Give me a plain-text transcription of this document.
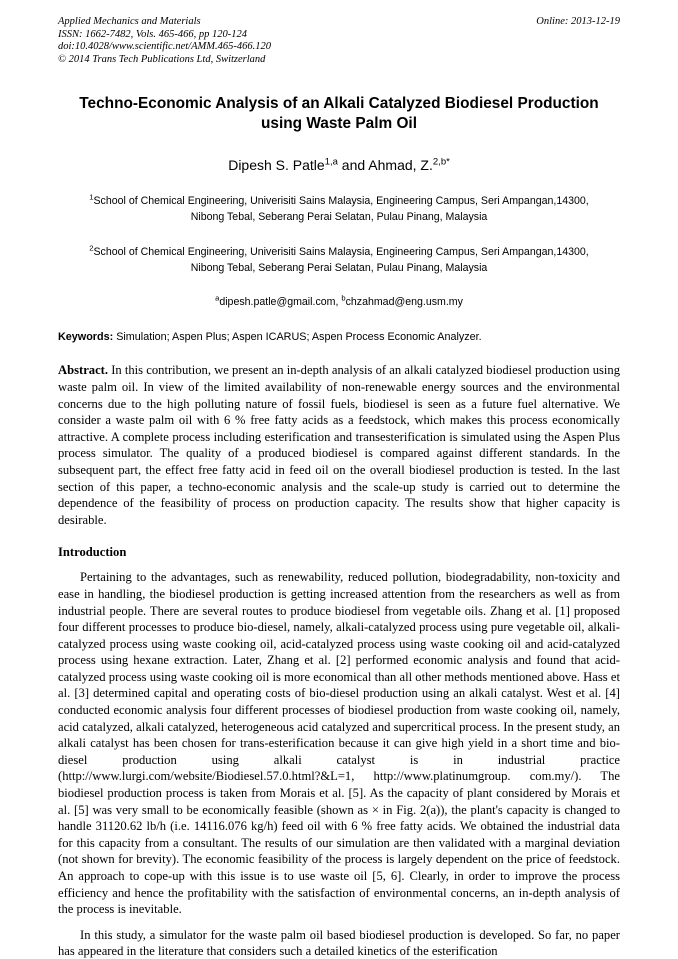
Applied Mechanics and Materials
ISSN: 1662-7482, Vols. 465-466, pp 120-124
doi:10.4028/www.scientific.net/AMM.465-466.120
© 2014 Trans Tech Publications Ltd, Switzerland
Online: 2013-12-19
Techno-Economic Analysis of an Alkali Catalyzed Biodiesel Production using Waste Palm Oil
Dipesh S. Patle$^{1,a}$ and Ahmad, Z.$^{2,b*}$
$^1$School of Chemical Engineering, Univerisiti Sains Malaysia, Engineering Campus, Seri Ampangan,14300, Nibong Tebal, Seberang Perai Selatan, Pulau Pinang, Malaysia
$^2$School of Chemical Engineering, Univerisiti Sains Malaysia, Engineering Campus, Seri Ampangan,14300, Nibong Tebal, Seberang Perai Selatan, Pulau Pinang, Malaysia
$^a$dipesh.patle@gmail.com, $^b$chzahmad@eng.usm.my
Keywords: Simulation; Aspen Plus; Aspen ICARUS; Aspen Process Economic Analyzer.
Abstract. In this contribution, we present an in-depth analysis of an alkali catalyzed biodiesel production using waste palm oil. In view of the limited availability of non-renewable energy sources and the environmental concerns due to the high polluting nature of fossil fuels, biodiesel is seen as a future fuel alternative. We consider a waste palm oil with 6 % free fatty acids as a feedstock, which makes this process economically attractive. A complete process including esterification and transesterification is simulated using the Aspen Plus process simulator. The quality of a produced biodiesel is compared against different standards. In the subsequent part, the effect free fatty acid in feed oil on the overall biodiesel production is tested. In the last section of this paper, a techno-economic analysis and the scale-up study is carried out to determine the dependence of the feasibility of process on production capacity. The results show that higher capacity is desirable.
Introduction
Pertaining to the advantages, such as renewability, reduced pollution, biodegradability, non-toxicity and ease in handling, the biodiesel production is getting increased attention from the researchers as well as from industrial people. There are several routes to produce biodiesel from vegetable oils. Zhang et al. [1] proposed four different processes to produce bio-diesel, namely, alkali-catalyzed process using pure vegetable oil, alkali-catalyzed process using waste cooking oil, acid-catalyzed process using waste cooking oil and acid-catalyzed process using hexane extraction. Later, Zhang et al. [2] performed economic analysis and found that acid-catalyzed process using waste cooking oil is more economical than all other methods mentioned above. Hass et al. [3] determined capital and operating costs of bio-diesel production using an alkali catalyst. West et al. [4] conducted economic analysis four different processes of biodiesel production from waste cooking oil, namely, acid catalyzed, alkali catalyzed, heterogeneous acid catalyzed and supercritical process. In the present study, an alkali catalyst has been chosen for trans-esterification because it can give high yield in a short time and bio-diesel production using alkali catalyst is in industrial practice (http://www.lurgi.com/website/Biodiesel.57.0.html?&L=1, http://www.platinumgroup. com.my/). The biodiesel production process is taken from Morais et al. [5]. As the capacity of plant considered by Morais et al. [5] was very small to be economically feasible (shown as × in Fig. 2(a)), the plant's capacity is changed to handle 31120.62 lb/h (i.e. 14116.076 kg/h) feed oil with 6 % free fatty acids. We obtained the industrial data for this capacity from a consultant. The results of our simulation are then validated with a marginal deviation (not shown for brevity). The economic feasibility of the process is largely dependent on the price of feedstock. An approach to cope-up with this issue is to use waste oil [5, 6]. Clearly, in order to improve the process efficiency and hence the profitability with the satisfaction of environmental concerns, an in-depth analysis of the process is inevitable.
In this study, a simulator for the waste palm oil based biodiesel production is developed. So far, no paper has appeared in the literature that considers such a detailed kinetics of the esterification
